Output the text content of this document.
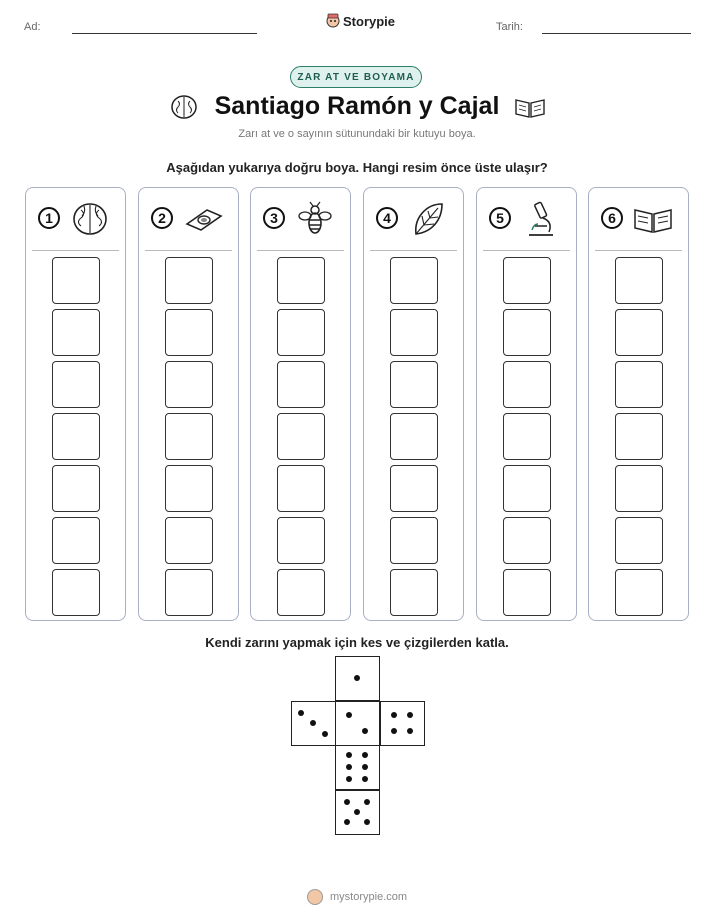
Ad:	Storypie	Tarih:
ZAR AT VE BOYAMA
Santiago Ramón y Cajal
Zarı at ve o sayının sütunundaki bir kutuyu boya.
Aşağıdan yukarıya doğru boya. Hangi resim önce üste ulaşır?
1	2	3	4	5	6
Kendi zarını yapmak için kes ve çizgilerden katla.
mystorypie.com
